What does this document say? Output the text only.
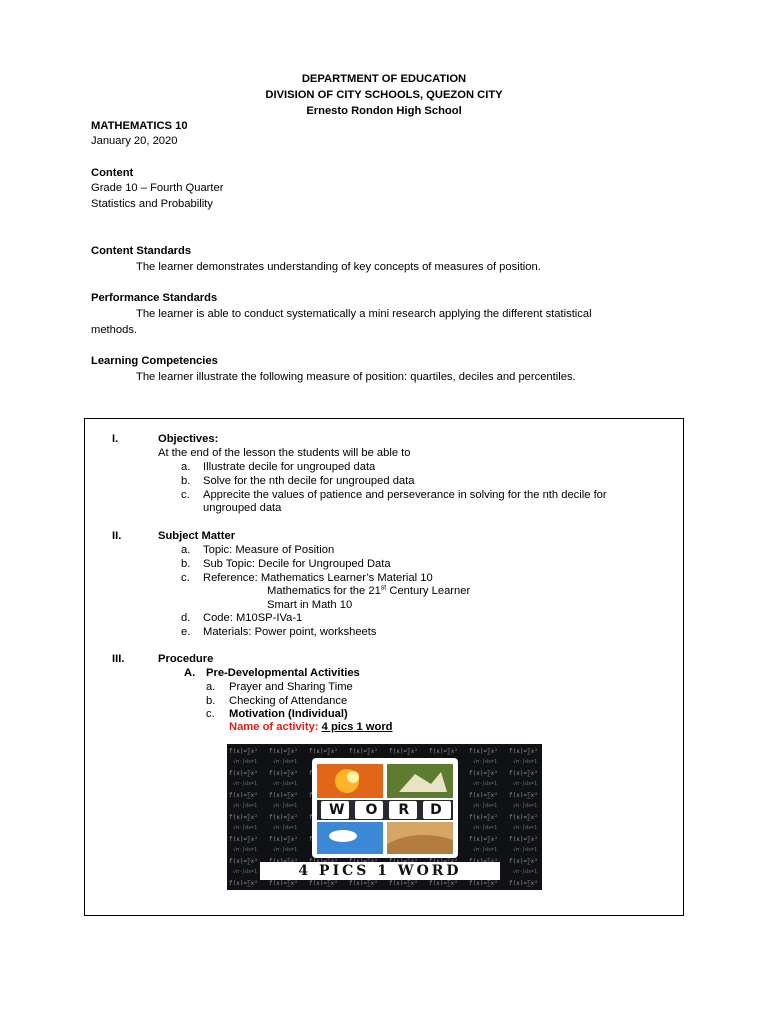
DEPARTMENT OF EDUCATION
DIVISION OF CITY SCHOOLS, QUEZON CITY
Ernesto Rondon High School
MATHEMATICS 10
January 20, 2020
Content
Grade 10 – Fourth Quarter
Statistics and Probability
Content Standards
The learner demonstrates understanding of key concepts of measures of position.
Performance Standards
The learner is able to conduct systematically a mini research applying the different statistical
methods.
Learning Competencies
The learner illustrate the following measure of position: quartiles, deciles and percentiles.
I.	Objectives:
At the end of the lesson the students will be able to
a. Illustrate decile for ungrouped data
b. Solve for the nth decile for ungrouped data
c. Apprecite the values of patience and perseverance in solving for the nth decile for
ungrouped data
II.	Subject Matter
a. Topic: Measure of Position
b. Sub Topic: Decile for Ungrouped Data
c. Reference: Mathematics Learner’s Material 10
Mathematics for the 21st Century Learner
Smart in Math 10
d. Code: M10SP-IVa-1
e. Materials: Power point, worksheets
III.	Procedure
A. Pre-Developmental Activities
a. Prayer and Sharing Time
b. Checking of Attendance
c. Motivation (Individual)
Name of activity: 4 pics 1 word
WORD
4 PICS 1 WORD
